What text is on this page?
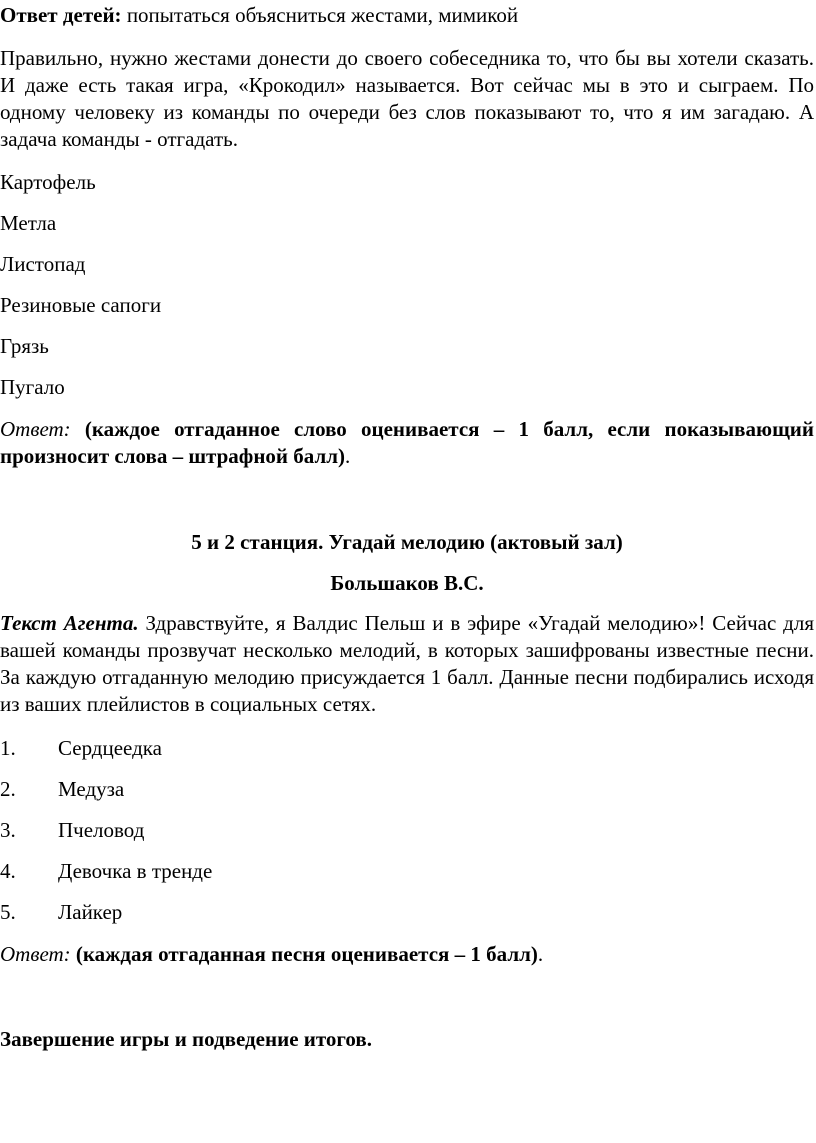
Ответ детей: попытаться объясниться жестами, мимикой
Правильно, нужно жестами донести до своего собеседника то, что бы вы хотели сказать. И даже есть такая игра, «Крокодил» называется. Вот сейчас мы в это и сыграем. По одному человеку из команды по очереди без слов показывают то, что я им загадаю. А задача команды - отгадать.
Картофель
Метла
Листопад
Резиновые сапоги
Грязь
Пугало
Ответ: (каждое отгаданное слово оценивается – 1 балл, если показывающий произносит слова – штрафной балл).
5 и 2 станция. Угадай мелодию (актовый зал)
Большаков В.С.
Текст Агента. Здравствуйте, я Валдис Пельш и в эфире «Угадай мелодию»! Сейчас для вашей команды прозвучат несколько мелодий, в которых зашифрованы известные песни. За каждую отгаданную мелодию присуждается 1 балл. Данные песни подбирались исходя из ваших плейлистов в социальных сетях.
1. Сердцеедка
2. Медуза
3. Пчеловод
4. Девочка в тренде
5. Лайкер
Ответ: (каждая отгаданная песня оценивается – 1 балл).
Завершение игры и подведение итогов.
